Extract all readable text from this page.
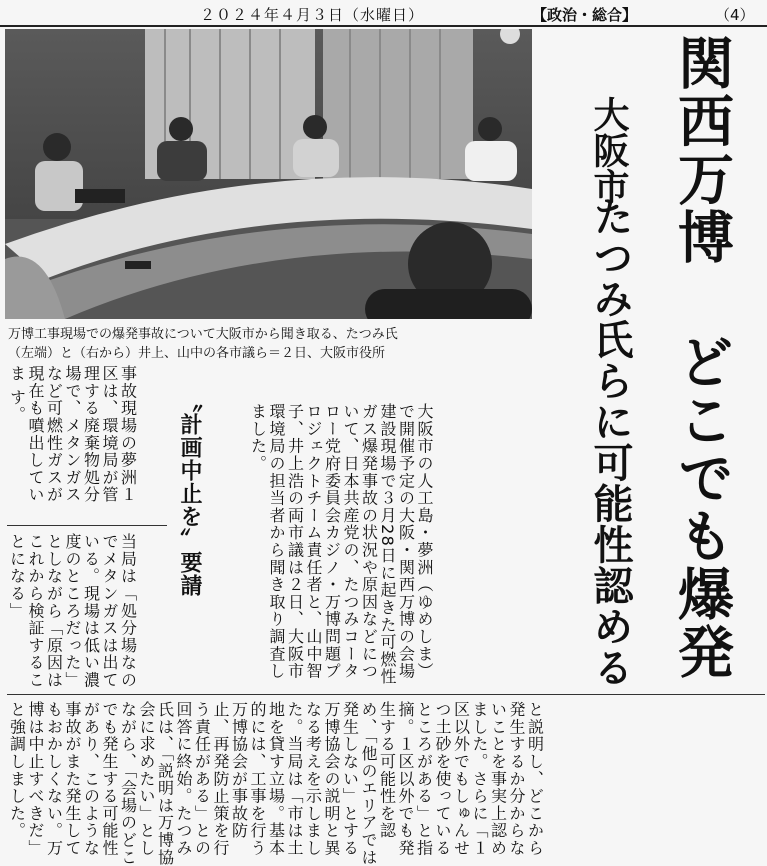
２０２４年４月３日（水曜日）	【政治・総合】	（4）
関西万博 どこでも爆発
大阪市
たつみ氏らに可能性認める
万博工事現場での爆発事故について大阪市から聞き取る、たつみ氏
（左端）と（右から）井上、山中の各市議ら＝２日、大阪市役所
大阪市の人工島・夢洲（ゆめしま）で開催予定の大阪・関西万博の会場建設現場で３月28日に起きた可燃性ガス爆発事故の状況や原因などについて、日本共産党の、たつみコータロー党府委員会カジノ・万博問題プロジェクトチーム責任者と、山中智子、井上浩の両市議は２日、大阪市環境局の担当者から聞き取り調査しました。
〝計画中止を〟要請
事故現場の夢洲１区は、環境局が管理する廃棄物処分場で、メタンガスなど可燃性ガスが現在も噴出していま す。
当局は「処分場なのでメタンガスは出ている。現場は低い濃度のところだった」としながら「原因はこれから検証することになる」
と説明し、どこから発生するか分からないことを事実上認めました。さらに「１区以外でもしゅんせつ土砂を使っているところがある」と指摘。１区以外でも発生する可能性を認め、「他のエリアでは発生しない」とする万博協会の説明と異なる考えを示しました。当局は「市は土地を貸す立場。基本的には、工事を行う万博協会が事故防止、再発防止策を行う責任がある」との回答に終始。たつみ氏は、「説明は万博協会に求めたい」としながら、「会場のどこでも発生する可能性があり、このような事故がまた発生してもおかしくない。万博は中止すべきだ」と強調しました。
